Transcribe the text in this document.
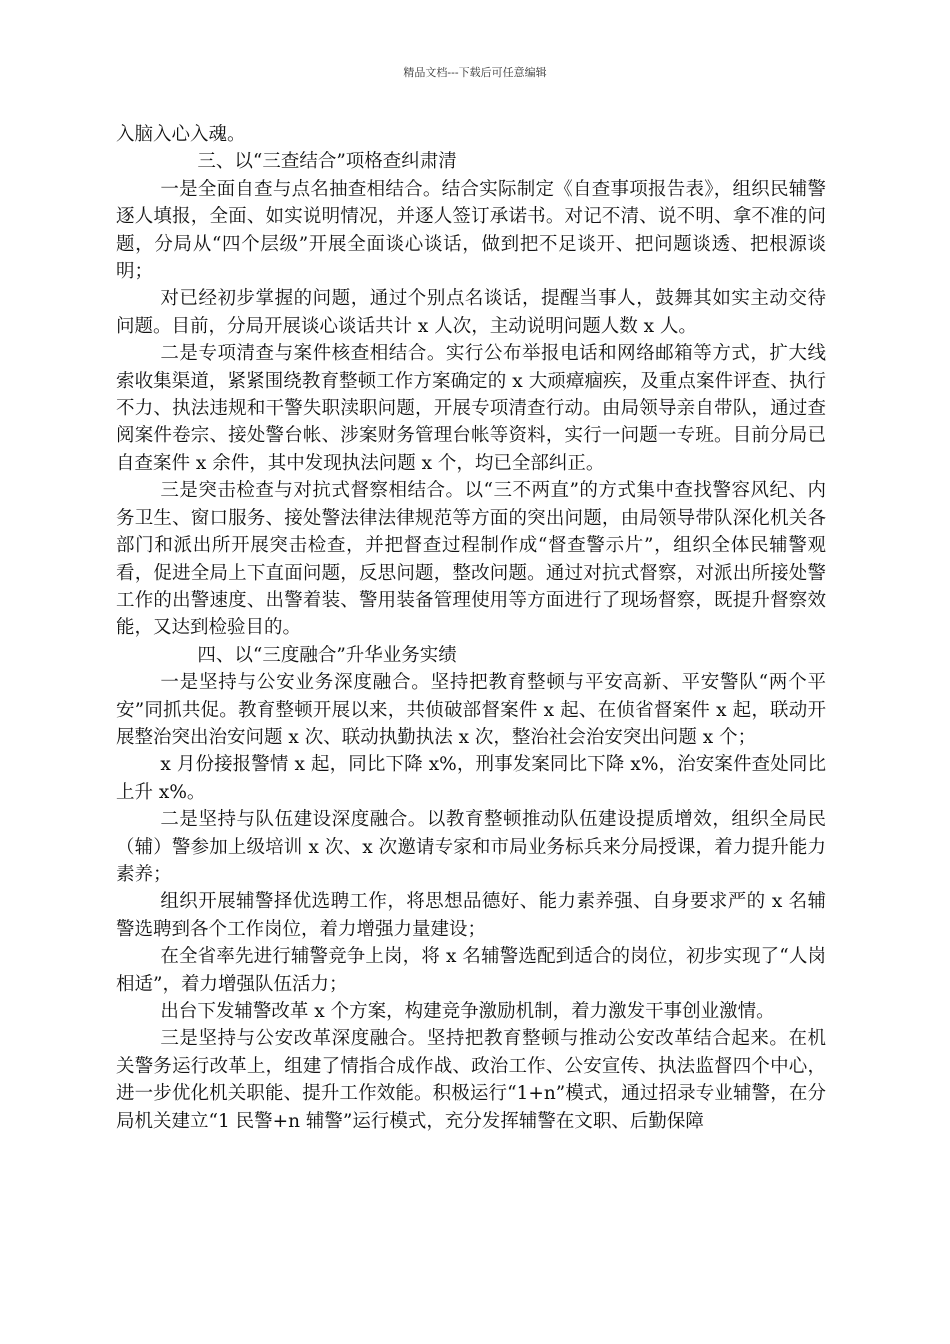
精品文档---下载后可任意编辑

入脑入心入魂。

三、以“三查结合”项格查纠肃清

一是全面自查与点名抽查相结合。结合实际制定《自查事项报告表》，组织民辅警逐人填报，全面、如实说明情况，并逐人签订承诺书。对记不清、说不明、拿不准的问题，分局从“四个层级”开展全面谈心谈话，做到把不足谈开、把问题谈透、把根源谈明；

对已经初步掌握的问题，通过个别点名谈话，提醒当事人，鼓舞其如实主动交待问题。目前，分局开展谈心谈话共计 x 人次，主动说明问题人数 x 人。

二是专项清查与案件核查相结合。实行公布举报电话和网络邮箱等方式，扩大线索收集渠道，紧紧围绕教育整顿工作方案确定的 x 大顽瘴痼疾，及重点案件评查、执行不力、执法违规和干警失职渎职问题，开展专项清查行动。由局领导亲自带队，通过查阅案件卷宗、接处警台帐、涉案财务管理台帐等资料，实行一问题一专班。目前分局已自查案件 x 余件，其中发现执法问题 x 个，均已全部纠正。

三是突击检查与对抗式督察相结合。以“三不两直”的方式集中查找警容风纪、内务卫生、窗口服务、接处警法律法律规范等方面的突出问题，由局领导带队深化机关各部门和派出所开展突击检查，并把督查过程制作成“督查警示片”，组织全体民辅警观看，促进全局上下直面问题，反思问题，整改问题。通过对抗式督察，对派出所接处警工作的出警速度、出警着装、警用装备管理使用等方面进行了现场督察，既提升督察效能，又达到检验目的。

四、以“三度融合”升华业务实绩

一是坚持与公安业务深度融合。坚持把教育整顿与平安高新、平安警队“两个平安”同抓共促。教育整顿开展以来，共侦破部督案件 x 起、在侦省督案件 x 起，联动开展整治突出治安问题 x 次、联动执勤执法 x 次，整治社会治安突出问题 x 个；

x 月份接报警情 x 起，同比下降 x%，刑事发案同比下降 x%，治安案件查处同比上升 x%。

二是坚持与队伍建设深度融合。以教育整顿推动队伍建设提质增效，组织全局民（辅）警参加上级培训 x 次、x 次邀请专家和市局业务标兵来分局授课，着力提升能力素养；

组织开展辅警择优选聘工作，将思想品德好、能力素养强、自身要求严的 x 名辅警选聘到各个工作岗位，着力增强力量建设；

在全省率先进行辅警竞争上岗，将 x 名辅警选配到适合的岗位，初步实现了“人岗相适”，着力增强队伍活力；

出台下发辅警改革 x 个方案，构建竞争激励机制，着力激发干事创业激情。

三是坚持与公安改革深度融合。坚持把教育整顿与推动公安改革结合起来。在机关警务运行改革上，组建了情指合成作战、政治工作、公安宣传、执法监督四个中心，进一步优化机关职能、提升工作效能。积极运行“1+n”模式，通过招录专业辅警，在分局机关建立“1 民警+n 辅警”运行模式，充分发挥辅警在文职、后勤保障
